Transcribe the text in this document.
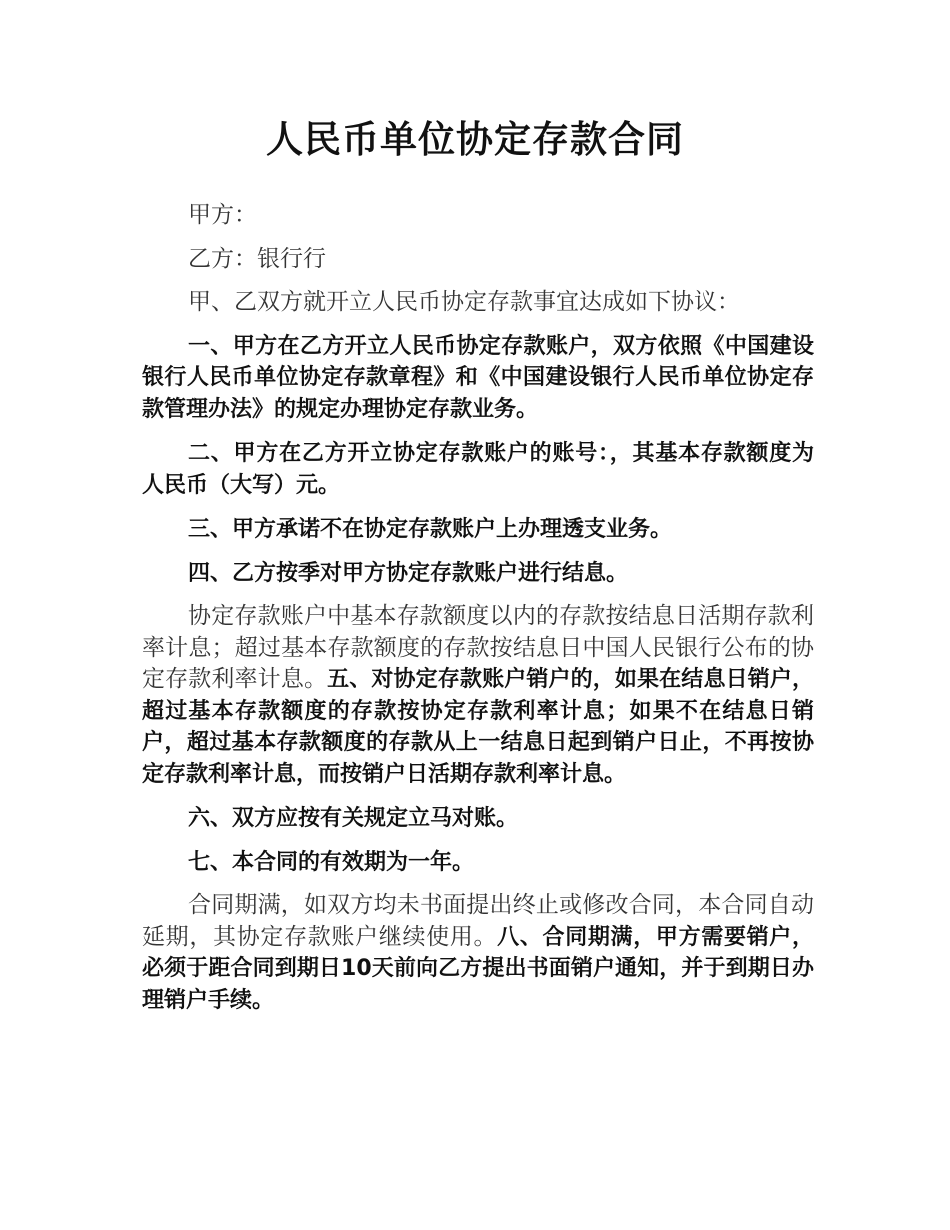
人民币单位协定存款合同

甲方：

乙方：银行行

甲、乙双方就开立人民币协定存款事宜达成如下协议：

一、甲方在乙方开立人民币协定存款账户，双方依照《中国建设银行人民币单位协定存款章程》和《中国建设银行人民币单位协定存款管理办法》的规定办理协定存款业务。

二、甲方在乙方开立协定存款账户的账号：，其基本存款额度为人民币（大写）元。

三、甲方承诺不在协定存款账户上办理透支业务。

四、乙方按季对甲方协定存款账户进行结息。

协定存款账户中基本存款额度以内的存款按结息日活期存款利率计息；超过基本存款额度的存款按结息日中国人民银行公布的协定存款利率计息。五、对协定存款账户销户的，如果在结息日销户，超过基本存款额度的存款按协定存款利率计息；如果不在结息日销户，超过基本存款额度的存款从上一结息日起到销户日止，不再按协定存款利率计息，而按销户日活期存款利率计息。

六、双方应按有关规定立马对账。

七、本合同的有效期为一年。

合同期满，如双方均未书面提出终止或修改合同，本合同自动延期，其协定存款账户继续使用。八、合同期满，甲方需要销户，必须于距合同到期日10天前向乙方提出书面销户通知，并于到期日办理销户手续。
